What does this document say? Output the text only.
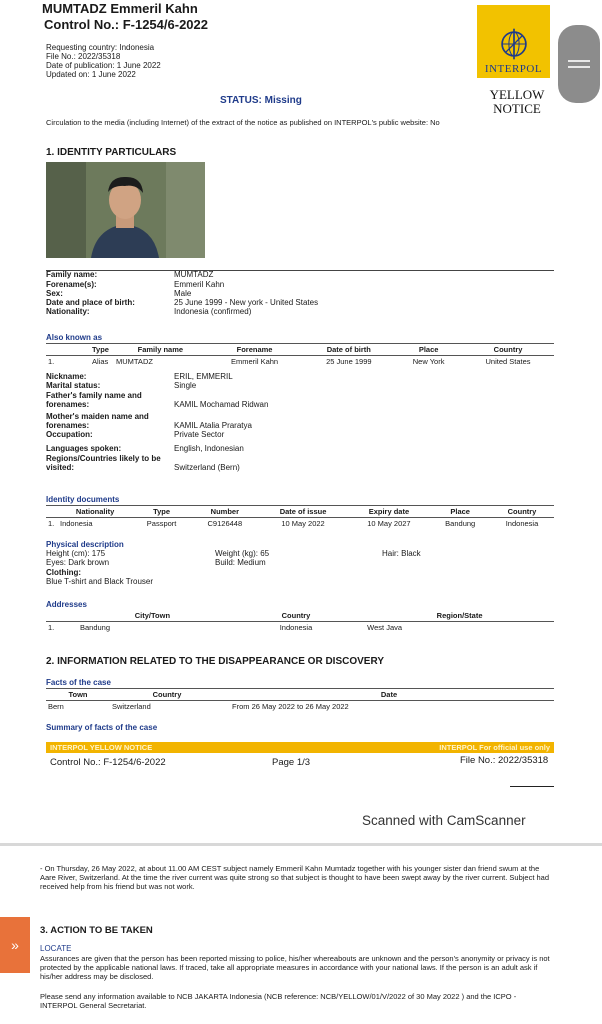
MUMTADZ Emmeril Kahn
Control No.: F-1254/6-2022
Requesting country: Indonesia
File No.: 2022/35318
Date of publication: 1 June 2022
Updated on: 1 June 2022
STATUS: Missing
Circulation to the media (including Internet) of the extract of the notice as published on INTERPOL's public website: No
INTERPOL
YELLOW
NOTICE
1. IDENTITY PARTICULARS
Family name:	MUMTADZ
Forename(s):	Emmeril Kahn
Sex:	Male
Date and place of birth:	25 June 1999 - New york - United States
Nationality:	Indonesia (confirmed)
Also known as
	Type	Family name	Forename	Date of birth	Place	Country
1.	Alias	MUMTADZ	Emmeril Kahn	25 June 1999	New York	United States
Nickname:	ERIL, EMMERIL
Marital status:	Single
Father's family name and forenames:	KAMIL Mochamad Ridwan
Mother's maiden name and forenames:	KAMIL Atalia Praratya
Occupation:	Private Sector
Languages spoken:	English, Indonesian
Regions/Countries likely to be visited:	Switzerland (Bern)
Identity documents
	Nationality	Type	Number	Date of issue	Expiry date	Place	Country
1.	Indonesia	Passport	C9126448	10 May 2022	10 May 2027	Bandung	Indonesia
Physical description
Height (cm): 175	Weight (kg): 65	Hair: Black
Eyes: Dark brown	Build: Medium
Clothing:
Blue T-shirt and Black Trouser
Addresses
	City/Town	Country	Region/State
1.	Bandung	Indonesia	West Java
2. INFORMATION RELATED TO THE DISAPPEARANCE OR DISCOVERY
Facts of the case
Town	Country	Date
Bern	Switzerland	From 26 May 2022 to 26 May 2022
Summary of facts of the case
INTERPOL YELLOW NOTICE	INTERPOL For official use only
Control No.: F-1254/6-2022	Page 1/3	File No.: 2022/35318
Scanned with CamScanner
- On Thursday, 26 May 2022, at about 11.00 AM CEST subject namely Emmeril Kahn Mumtadz together with his younger sister dan friend swum at the Aare River, Switzerland. At the time the river current was quite strong so that subject is thought to have been swept away by the river current. Subject had received help from his friend but was not work.
3. ACTION TO BE TAKEN
LOCATE
Assurances are given that the person has been reported missing to police, his/her whereabouts are unknown and the person's anonymity or privacy is not protected by the applicable national laws. If traced, take all appropriate measures in accordance with your national laws. If the person is an adult ask if his/her address may be disclosed.
Please send any information available to NCB JAKARTA Indonesia (NCB reference: NCB/YELLOW/01/V/2022 of 30 May 2022 ) and the ICPO - INTERPOL General Secretariat.
»
